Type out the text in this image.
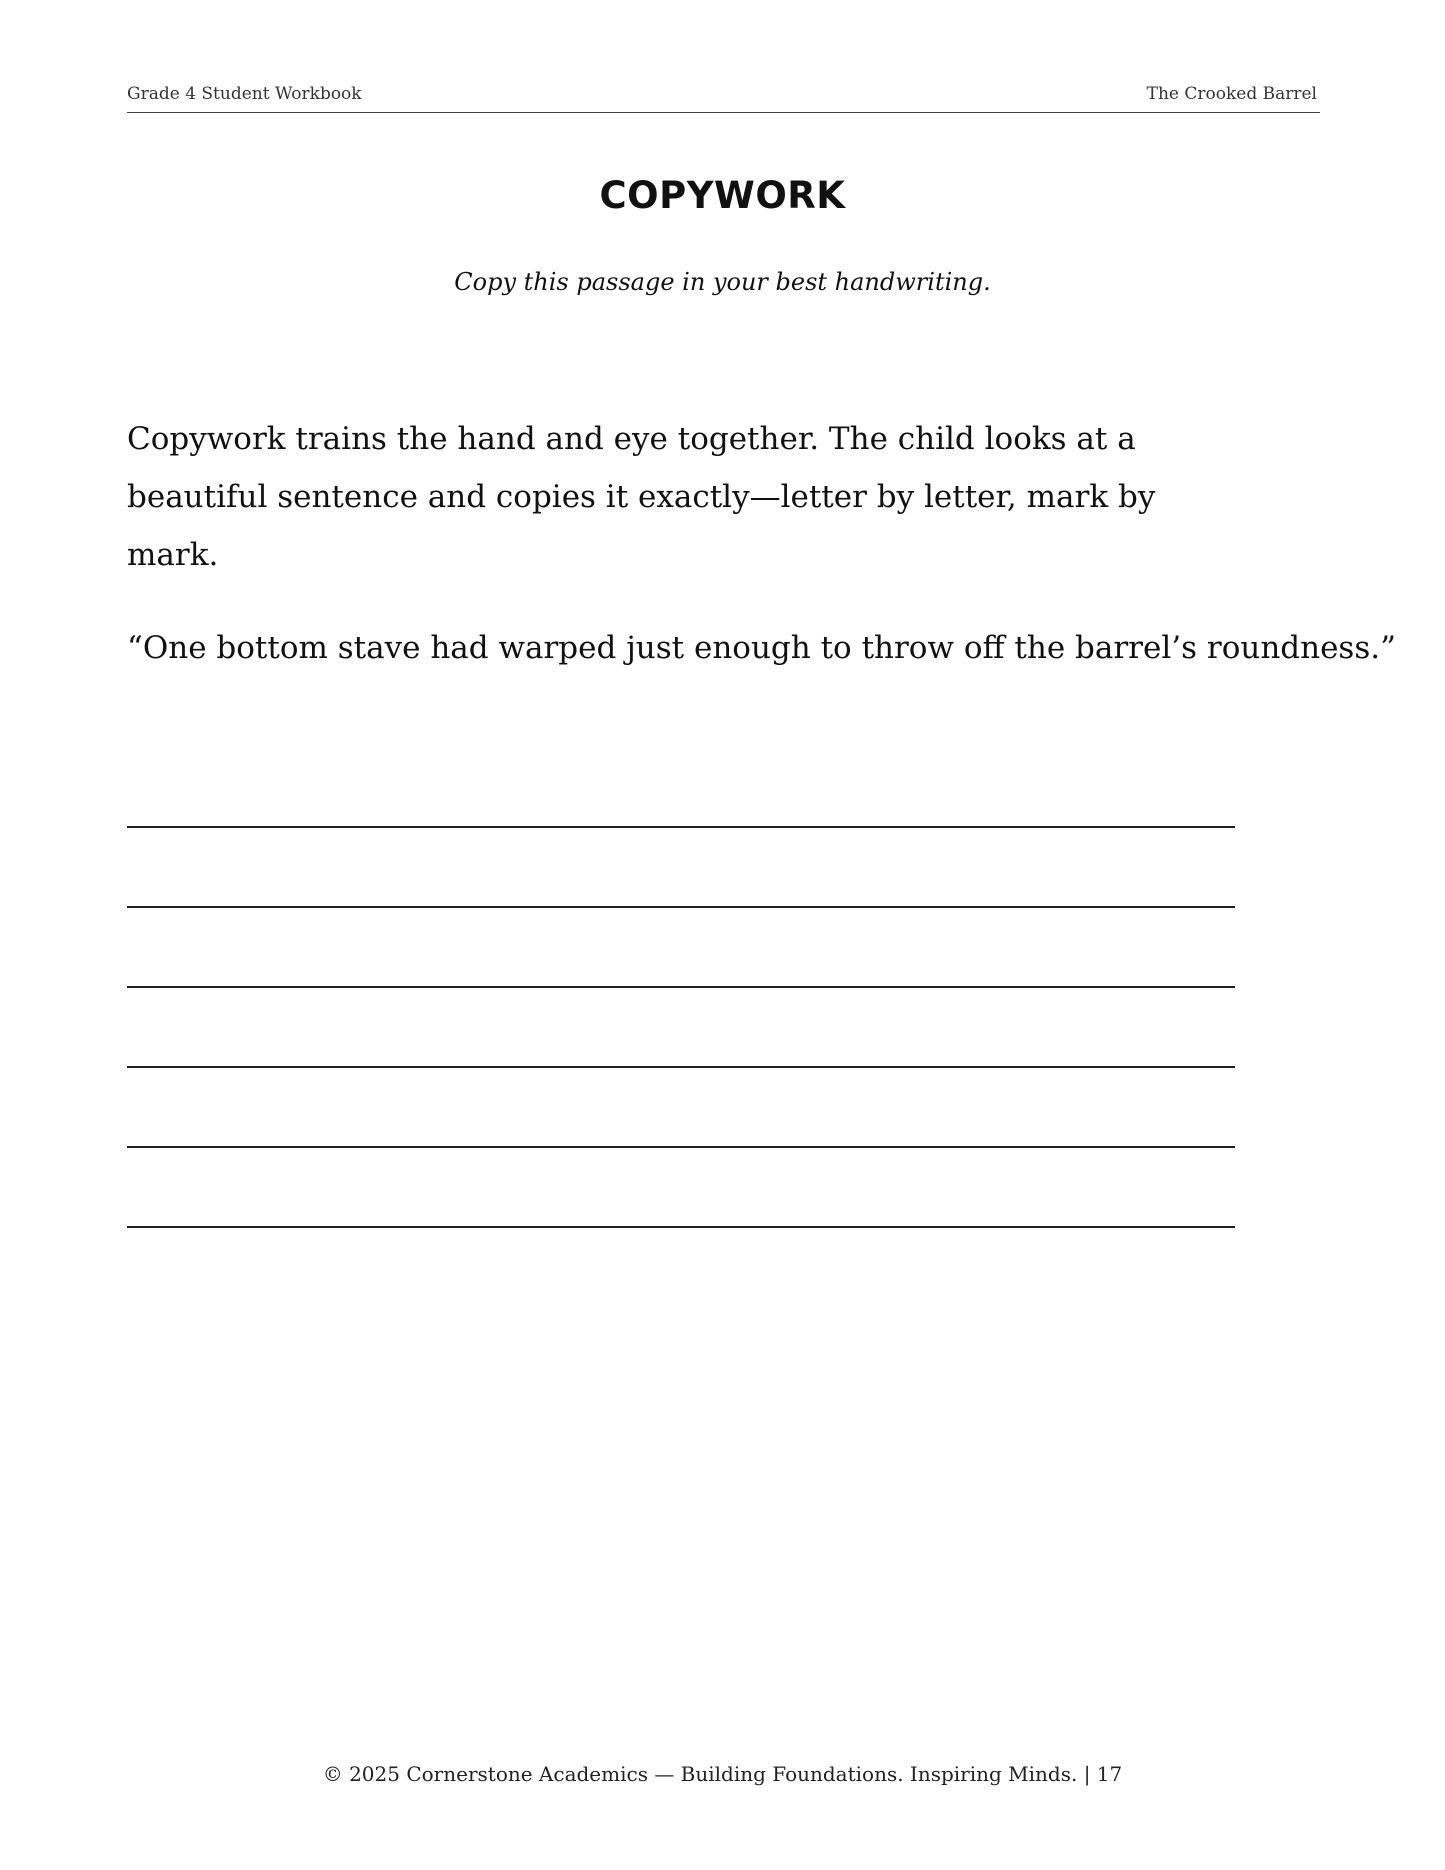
Grade 4 Student Workbook	The Crooked Barrel
COPYWORK
Copy this passage in your best handwriting.

Copywork trains the hand and eye together. The child looks at a beautiful sentence and copies it exactly—letter by letter, mark by mark.

“One bottom stave had warped just enough to throw off the barrel’s roundness.”

© 2025 Cornerstone Academics — Building Foundations. Inspiring Minds. | 17
